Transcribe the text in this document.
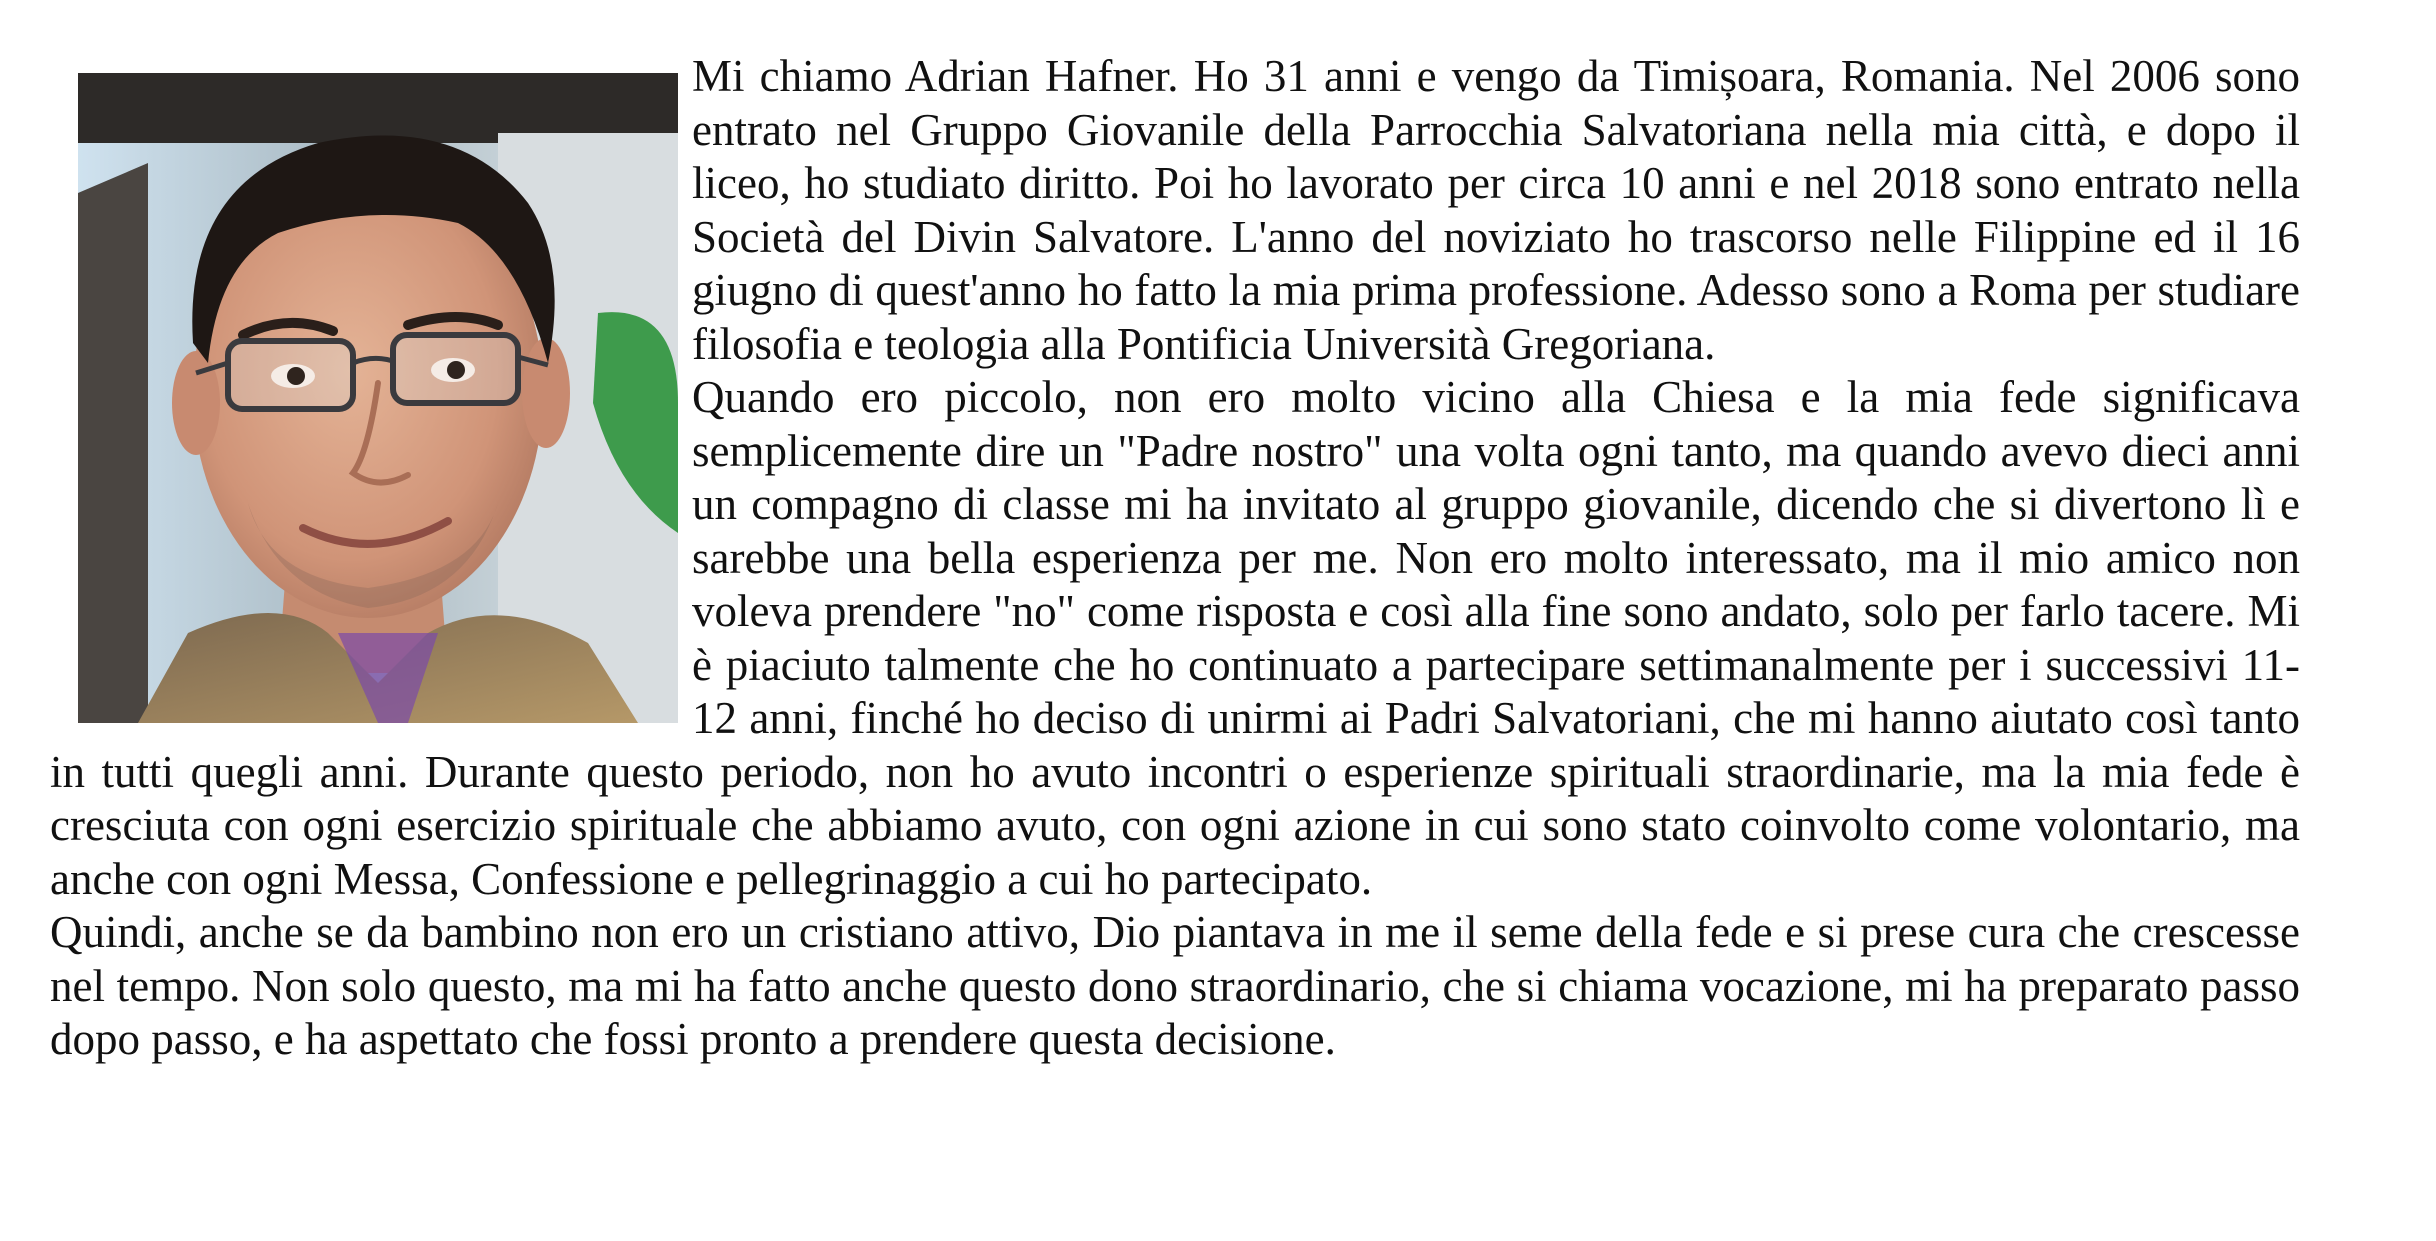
Mi chiamo Adrian Hafner. Ho 31 anni e vengo da Timișoara, Romania. Nel 2006 sono entrato nel Gruppo Giovanile della Parrocchia Salvatoriana nella mia città, e dopo il liceo, ho studiato diritto. Poi ho lavorato per circa 10 anni e nel 2018 sono entrato nella Società del Divin Salvatore. L'anno del noviziato ho trascorso nelle Filippine ed il 16 giugno di quest'anno ho fatto la mia prima professione. Adesso sono a Roma per studiare filosofia e teologia alla Pontificia Università Gregoriana.

Quando ero piccolo, non ero molto vicino alla Chiesa e la mia fede significava semplicemente dire un "Padre nostro" una volta ogni tanto, ma quando avevo dieci anni un compagno di classe mi ha invitato al gruppo giovanile, dicendo che si divertono lì e sarebbe una bella esperienza per me. Non ero molto interessato, ma il mio amico non voleva prendere "no" come risposta e così alla fine sono andato, solo per farlo tacere. Mi è piaciuto talmente che ho continuato a partecipare settimanalmente per i successivi 11-12 anni, finché ho deciso di unirmi ai Padri Salvatoriani, che mi hanno aiutato così tanto in tutti quegli anni. Durante questo periodo, non ho avuto incontri o esperienze spirituali straordinarie, ma la mia fede è cresciuta con ogni esercizio spirituale che abbiamo avuto, con ogni azione in cui sono stato coinvolto come volontario, ma anche con ogni Messa, Confessione e pellegrinaggio a cui ho partecipato.

Quindi, anche se da bambino non ero un cristiano attivo, Dio piantava in me il seme della fede e si prese cura che crescesse nel tempo. Non solo questo, ma mi ha fatto anche questo dono straordinario, che si chiama vocazione, mi ha preparato passo dopo passo, e ha aspettato che fossi pronto a prendere questa decisione.
